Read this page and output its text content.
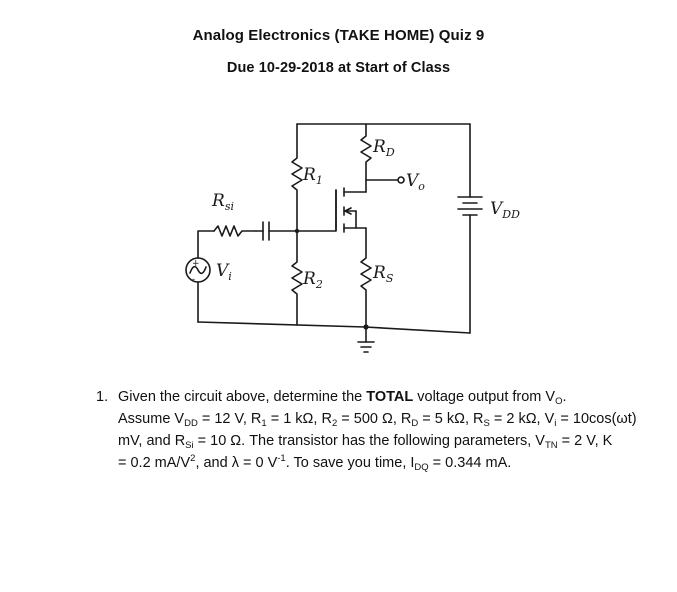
Analog Electronics (TAKE HOME) Quiz 9
Due 10-29-2018 at Start of Class
$R_1$
$R_2$
$R_D$
$R_S$
$R_{si}$
$V_o$
$V_{DD}$
$V_i$
+
-
1. Given the circuit above, determine the TOTAL voltage output from $V_O$.
Assume $V_{DD} = 12$ V, $R_1 = 1$ kΩ, $R_2 = 500$ Ω, $R_D = 5$ kΩ, $R_S = 2$ kΩ, $V_i = 10\cos(\omega t)$
mV, and $R_{Si} = 10$ Ω. The transistor has the following parameters, $V_{TN} = 2$ V, K
= 0.2 $mA/V^2$, and λ = 0 $V^{-1}$. To save you time, $I_{DQ} = 0.344$ mA.
